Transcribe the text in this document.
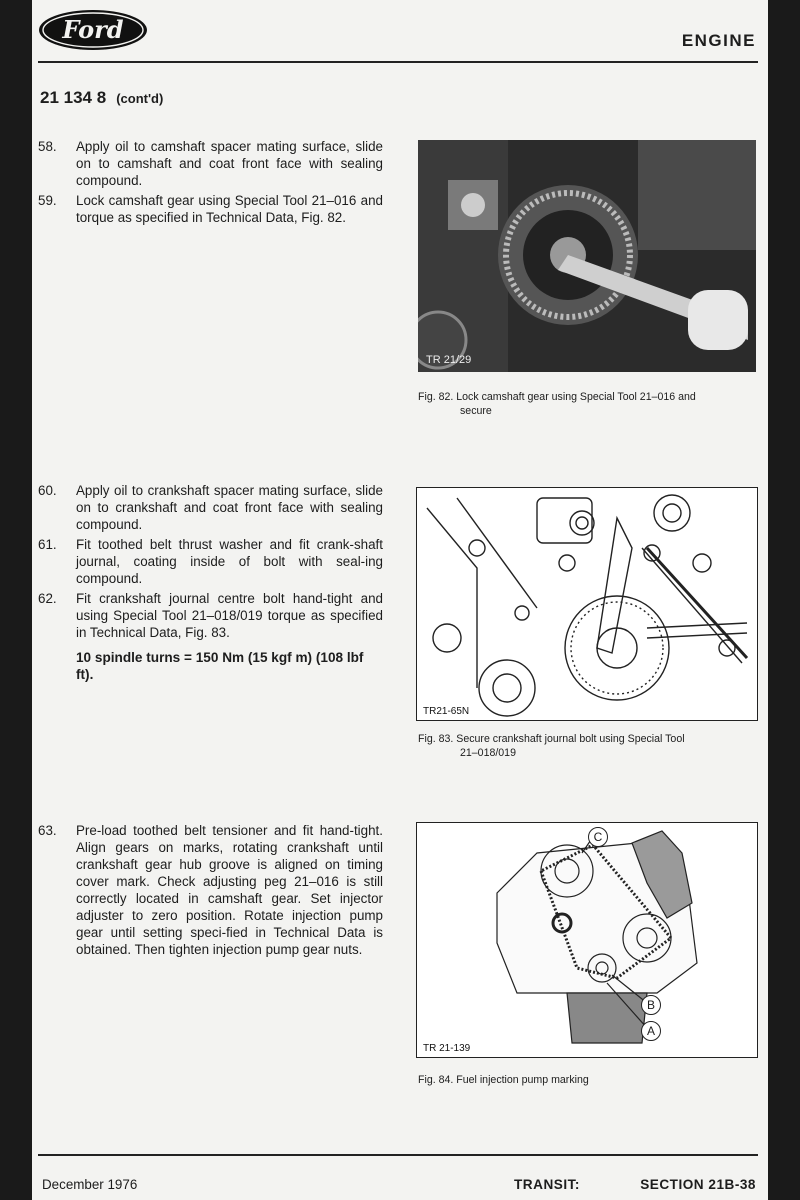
Ford	ENGINE
21 134 8 (cont'd)
58.	Apply oil to camshaft spacer mating surface, slide on to camshaft and coat front face with sealing compound.
59.	Lock camshaft gear using Special Tool 21–016 and torque as specified in Technical Data, Fig. 82.
60.	Apply oil to crankshaft spacer mating surface, slide on to crankshaft and coat front face with sealing compound.
61.	Fit toothed belt thrust washer and fit crank-shaft journal, coating inside of bolt with seal-ing compound.
62.	Fit crankshaft journal centre bolt hand-tight and using Special Tool 21–018/019 torque as specified in Technical Data, Fig. 83.
10 spindle turns = 150 Nm (15 kgf m) (108 lbf ft).
63.	Pre-load toothed belt tensioner and fit hand-tight. Align gears on marks, rotating crankshaft until crankshaft gear hub groove is aligned on timing cover mark. Check adjusting peg 21–016 is still correctly located in camshaft gear. Set injector adjuster to zero position. Rotate injection pump gear until setting speci-fied in Technical Data is obtained. Then tighten injection pump gear nuts.
TR 21/29
Fig. 82. Lock camshaft gear using Special Tool 21–016 and
secure
TR21-65N
Fig. 83. Secure crankshaft journal bolt using Special Tool
21–018/019
C
B
A
TR 21-139
Fig. 84. Fuel injection pump marking
December 1976	TRANSIT:	SECTION 21B-38
